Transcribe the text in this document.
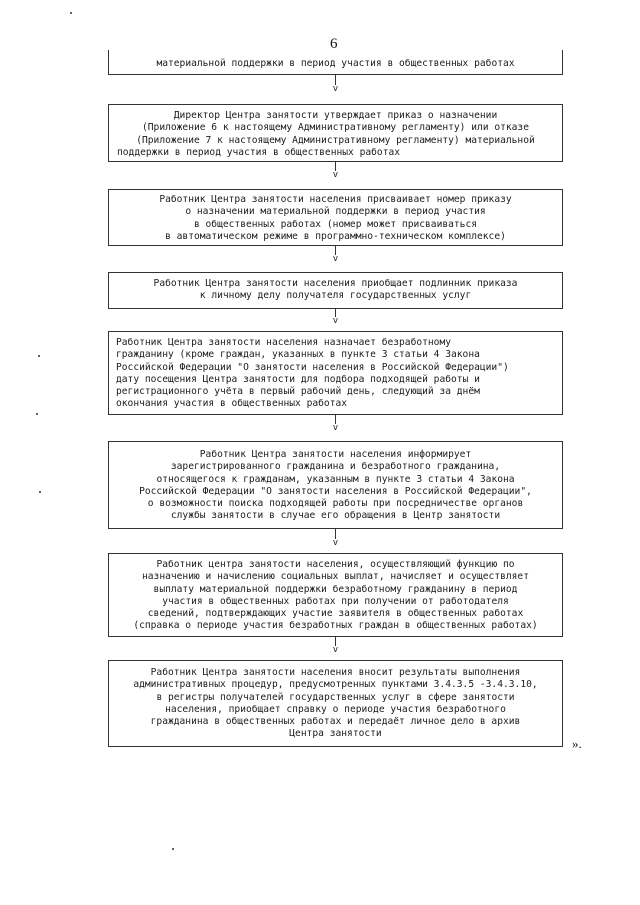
6
материальной поддержки в период участия в общественных работах
v
Директор Центра занятости утверждает приказ о назначении
(Приложение 6 к настоящему Административному регламенту) или отказе
(Приложение 7 к настоящему Административному регламенту) материальной
поддержки в период участия в общественных работах
v
Работник Центра занятости населения присваивает номер приказу
о назначении материальной поддержки в период участия
в общественных работах (номер может присваиваться
в автоматическом режиме в программно-техническом комплексе)
v
Работник Центра занятости населения приобщает подлинник приказа
к личному делу получателя государственных услуг
v
Работник Центра занятости населения назначает безработному
гражданину (кроме граждан, указанных в пункте 3 статьи 4 Закона
Российской Федерации "О занятости населения в Российской Федерации")
дату посещения Центра занятости для подбора подходящей работы и
регистрационного учёта в первый рабочий день, следующий за днём
окончания участия в общественных работах
v
Работник Центра занятости населения информирует
зарегистрированного гражданина и безработного гражданина,
относящегося к гражданам, указанным в пункте 3 статьи 4 Закона
Российской Федерации "О занятости населения в Российской Федерации",
о возможности поиска подходящей работы при посредничестве органов
службы занятости в случае его обращения в Центр занятости
v
Работник центра занятости населения, осуществляющий функцию по
назначению и начислению социальных выплат, начисляет и осуществляет
выплату материальной поддержки безработному гражданину в период
участия в общественных работах при получении от работодателя
сведений, подтверждающих участие заявителя в общественных работах
(справка о периоде участия безработных граждан в общественных работах)
v
Работник Центра занятости населения вносит результаты выполнения
административных процедур, предусмотренных пунктами 3.4.3.5 -3.4.3.10,
в регистры получателей государственных услуг в сфере занятости
населения, приобщает справку о периоде участия безработного
гражданина в общественных работах и передаёт личное дело в архив
Центра занятости
».
